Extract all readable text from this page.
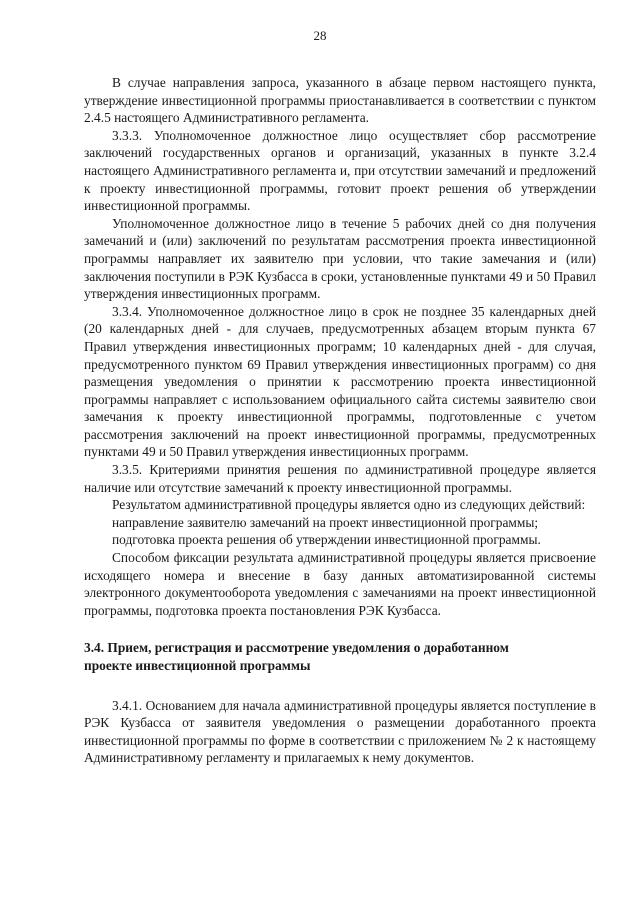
28

В случае направления запроса, указанного в абзаце первом настоящего пункта, утверждение инвестиционной программы приостанавливается в соответствии с пунктом 2.4.5 настоящего Административного регламента.

3.3.3. Уполномоченное должностное лицо осуществляет сбор рассмотрение заключений государственных органов и организаций, указанных в пункте 3.2.4 настоящего Административного регламента и, при отсутствии замечаний и предложений к проекту инвестиционной программы, готовит проект решения об утверждении инвестиционной программы.

Уполномоченное должностное лицо в течение 5 рабочих дней со дня получения замечаний и (или) заключений по результатам рассмотрения проекта инвестиционной программы направляет их заявителю при условии, что такие замечания и (или) заключения поступили в РЭК Кузбасса в сроки, установленные пунктами 49 и 50 Правил утверждения инвестиционных программ.

3.3.4. Уполномоченное должностное лицо в срок не позднее 35 календарных дней (20 календарных дней - для случаев, предусмотренных абзацем вторым пункта 67 Правил утверждения инвестиционных программ; 10 календарных дней - для случая, предусмотренного пунктом 69 Правил утверждения инвестиционных программ) со дня размещения уведомления о принятии к рассмотрению проекта инвестиционной программы направляет с использованием официального сайта системы заявителю свои замечания к проекту инвестиционной программы, подготовленные с учетом рассмотрения заключений на проект инвестиционной программы, предусмотренных пунктами 49 и 50 Правил утверждения инвестиционных программ.

3.3.5. Критериями принятия решения по административной процедуре является наличие или отсутствие замечаний к проекту инвестиционной программы.

Результатом административной процедуры является одно из следующих действий:

направление заявителю замечаний на проект инвестиционной программы;

подготовка проекта решения об утверждении инвестиционной программы.

Способом фиксации результата административной процедуры является присвоение исходящего номера и внесение в базу данных автоматизированной системы электронного документооборота уведомления с замечаниями на проект инвестиционной программы, подготовка проекта постановления РЭК Кузбасса.

3.4. Прием, регистрация и рассмотрение уведомления о доработанном
проекте инвестиционной программы

3.4.1. Основанием для начала административной процедуры является поступление в РЭК Кузбасса от заявителя уведомления о размещении доработанного проекта инвестиционной программы по форме в соответствии с приложением № 2 к настоящему Административному регламенту и прилагаемых к нему документов.
